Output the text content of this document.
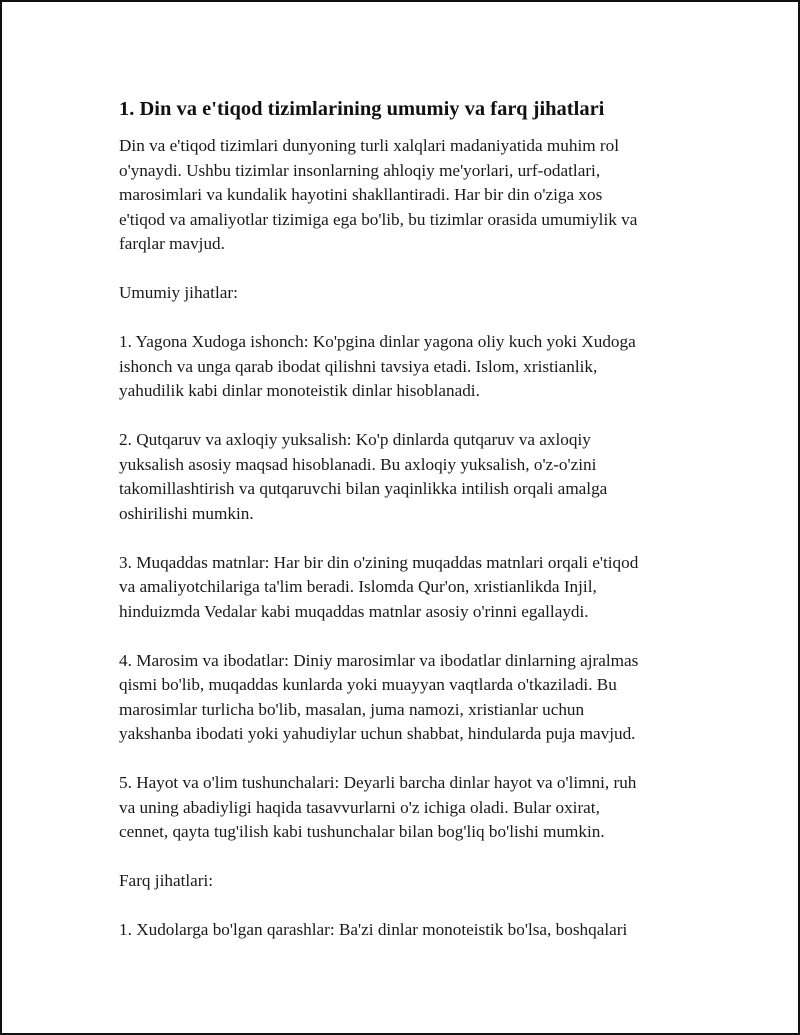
1. Din va e'tiqod tizimlarining umumiy va farq jihatlari

Din va e'tiqod tizimlari dunyoning turli xalqlari madaniyatida muhim rol
o'ynaydi. Ushbu tizimlar insonlarning ahloqiy me'yorlari, urf-odatlari,
marosimlari va kundalik hayotini shakllantiradi. Har bir din o'ziga xos
e'tiqod va amaliyotlar tizimiga ega bo'lib, bu tizimlar orasida umumiylik va
farqlar mavjud.

Umumiy jihatlar:

1. Yagona Xudoga ishonch: Ko'pgina dinlar yagona oliy kuch yoki Xudoga
ishonch va unga qarab ibodat qilishni tavsiya etadi. Islom, xristianlik,
yahudilik kabi dinlar monoteistik dinlar hisoblanadi.

2. Qutqaruv va axloqiy yuksalish: Ko'p dinlarda qutqaruv va axloqiy
yuksalish asosiy maqsad hisoblanadi. Bu axloqiy yuksalish, o'z-o'zini
takomillashtirish va qutqaruvchi bilan yaqinlikka intilish orqali amalga
oshirilishi mumkin.

3. Muqaddas matnlar: Har bir din o'zining muqaddas matnlari orqali e'tiqod
va amaliyotchilariga ta'lim beradi. Islomda Qur'on, xristianlikda Injil,
hinduizmda Vedalar kabi muqaddas matnlar asosiy o'rinni egallaydi.

4. Marosim va ibodatlar: Diniy marosimlar va ibodatlar dinlarning ajralmas
qismi bo'lib, muqaddas kunlarda yoki muayyan vaqtlarda o'tkaziladi. Bu
marosimlar turlicha bo'lib, masalan, juma namozi, xristianlar uchun
yakshanba ibodati yoki yahudiylar uchun shabbat, hindularda puja mavjud.

5. Hayot va o'lim tushunchalari: Deyarli barcha dinlar hayot va o'limni, ruh
va uning abadiyligi haqida tasavvurlarni o'z ichiga oladi. Bular oxirat,
cennet, qayta tug'ilish kabi tushunchalar bilan bog'liq bo'lishi mumkin.

Farq jihatlari:

1. Xudolarga bo'lgan qarashlar: Ba'zi dinlar monoteistik bo'lsa, boshqalari
